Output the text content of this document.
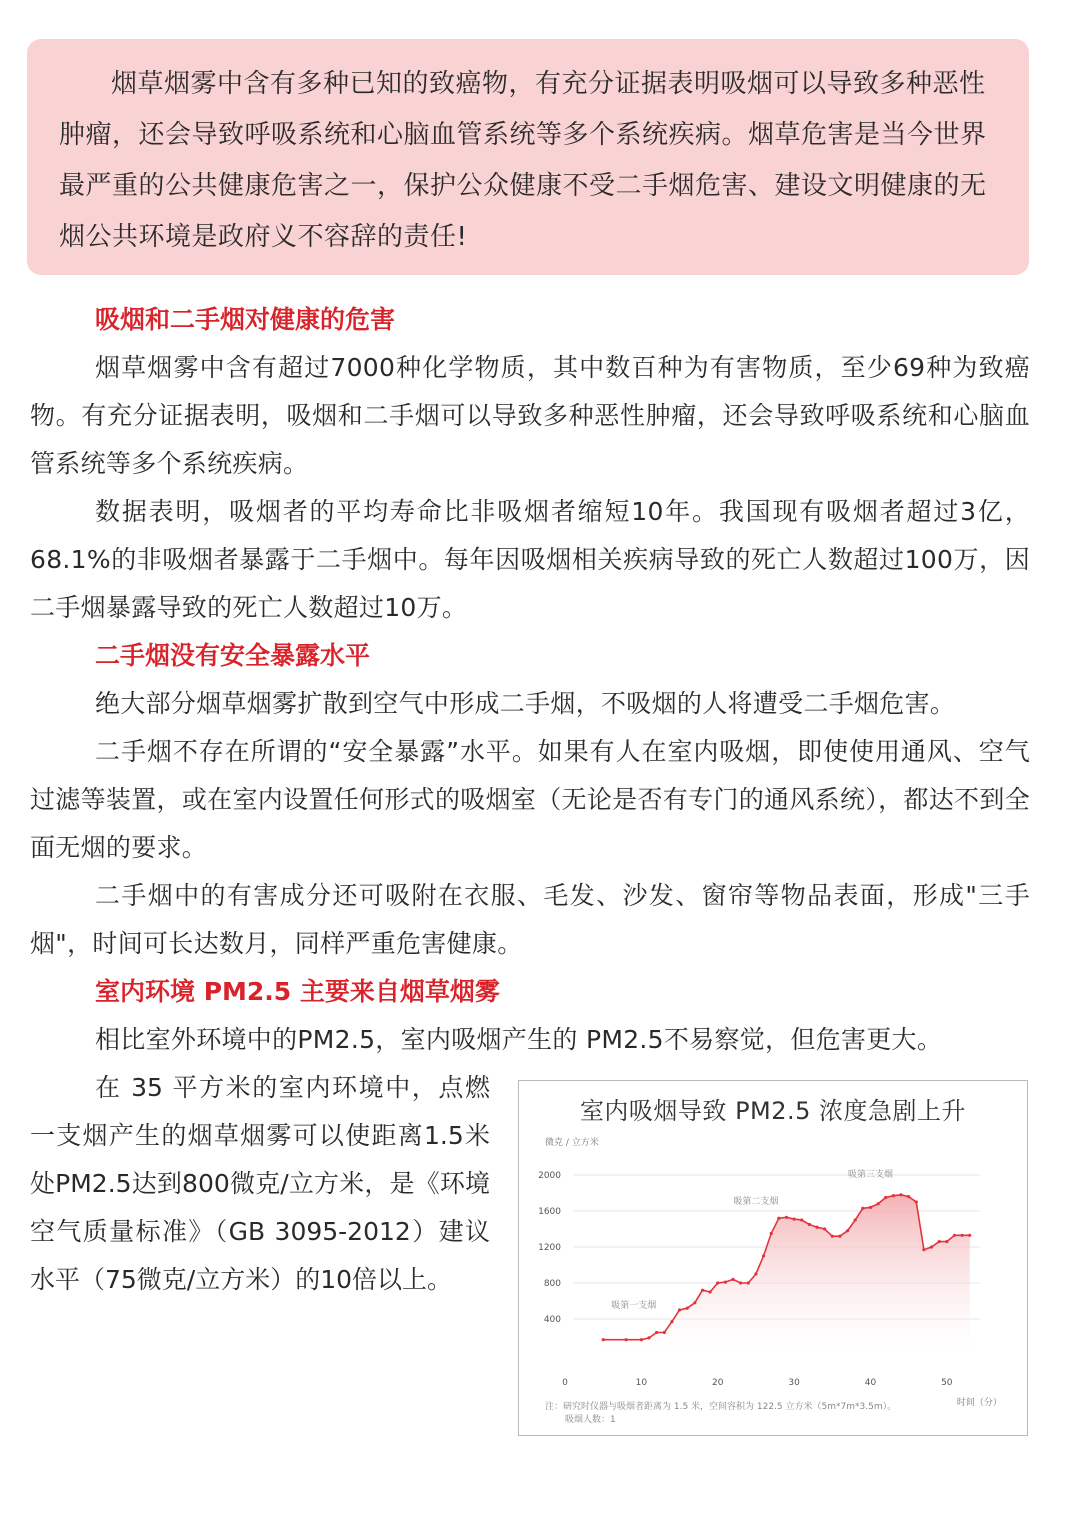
烟草烟雾中含有多种已知的致癌物，有充分证据表明吸烟可以导致多种恶性肿瘤，还会导致呼吸系统和心脑血管系统等多个系统疾病。烟草危害是当今世界最严重的公共健康危害之一，保护公众健康不受二手烟危害、建设文明健康的无烟公共环境是政府义不容辞的责任!

吸烟和二手烟对健康的危害

烟草烟雾中含有超过7000种化学物质，其中数百种为有害物质，至少69种为致癌物。有充分证据表明，吸烟和二手烟可以导致多种恶性肿瘤，还会导致呼吸系统和心脑血管系统等多个系统疾病。

数据表明，吸烟者的平均寿命比非吸烟者缩短10年。我国现有吸烟者超过3亿，68.1%的非吸烟者暴露于二手烟中。每年因吸烟相关疾病导致的死亡人数超过100万，因二手烟暴露导致的死亡人数超过10万。

二手烟没有安全暴露水平

绝大部分烟草烟雾扩散到空气中形成二手烟，不吸烟的人将遭受二手烟危害。

二手烟不存在所谓的“安全暴露”水平。如果有人在室内吸烟，即使使用通风、空气过滤等装置，或在室内设置任何形式的吸烟室（无论是否有专门的通风系统），都达不到全面无烟的要求。

二手烟中的有害成分还可吸附在衣服、毛发、沙发、窗帘等物品表面，形成"三手烟"，时间可长达数月，同样严重危害健康。

室内环境 PM2.5 主要来自烟草烟雾

相比室外环境中的PM2.5，室内吸烟产生的 PM2.5不易察觉，但危害更大。

在 35 平方米的室内环境中，点燃一支烟产生的烟草烟雾可以使距离1.5米处PM2.5达到800微克/立方米，是《环境空气质量标准》（GB 3095-2012）建议水平（75微克/立方米）的10倍以上。

室内吸烟导致 PM2.5 浓度急剧上升
微克 / 立方米
400
800
1200
1600
2000
0	10	20	30	40	50
时间（分）
吸第一支烟
吸第二支烟
吸第三支烟
注：研究时仪器与吸烟者距离为 1.5 米，空间容积为 122.5 立方米（5m*7m*3.5m）。
吸烟人数：1
